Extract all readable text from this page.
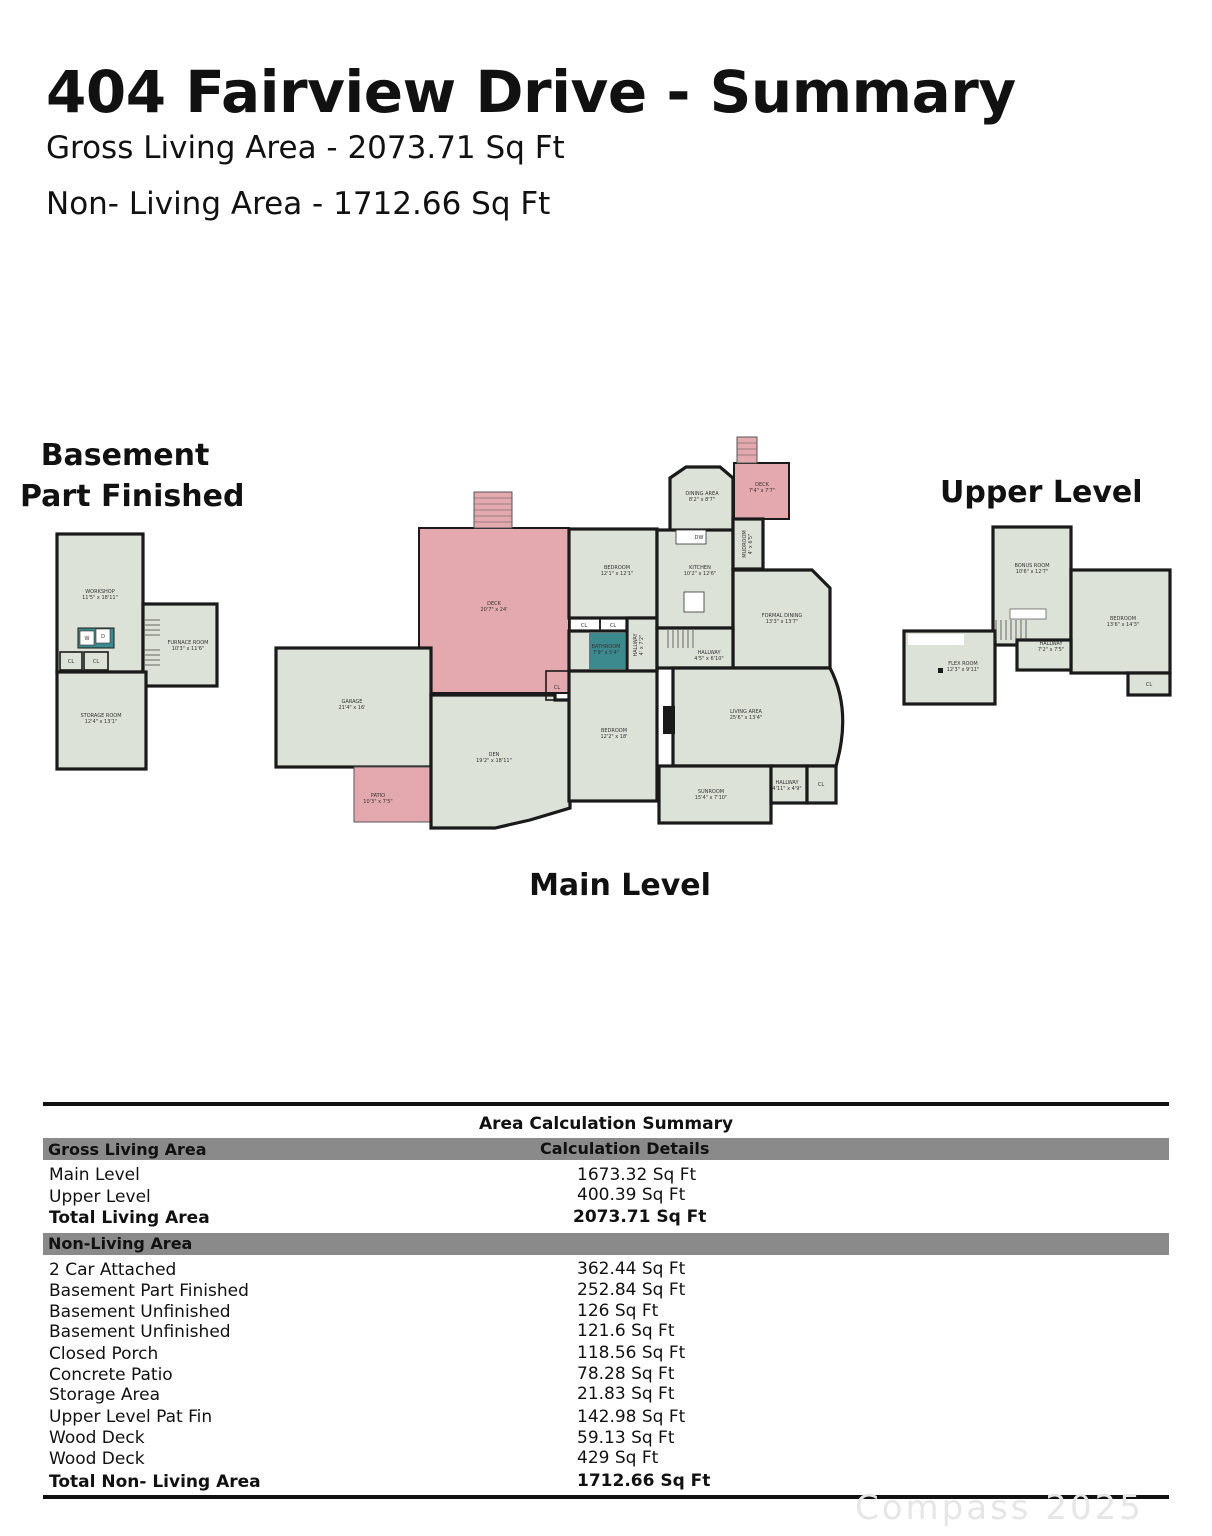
404 Fairview Drive - Summary
Gross Living Area - 2073.71 Sq Ft
Non- Living Area - 1712.66 Sq Ft
Basement
Part Finished	Upper Level
Main Level
WORKSHOP
11'5" x 18'11"
FURNACE ROOM
10'3" x 11'6"
STORAGE ROOM
12'4" x 13'1"
CL	CL
W D
DECK
20'7" x 24'
GARAGE
21'4" x 16'
PATIO
10'3" x 7'5"
DEN
19'2" x 18'11"
BEDROOM
12'1" x 12'1"
CL	CL
BATHROOM
7'9" x 5'4"	HALLWAY 4' x 7'2"
CL
BEDROOM
12'2" x 18'
DINING AREA
8'2" x 8'7"
DW
KITCHEN
10'2" x 12'6"
DECK
7'4" x 7'7"
MUDROOM 4' x 6'5"
FORMAL DINING
13'3" x 13'7"
HALLWAY
4'5" x 6'10"
LIVING AREA
25'6" x 13'4"
SUNROOM
15'4" x 7'10"
HALLWAY
4'11" x 4'9"
CL
BONUS ROOM
10'6" x 12'7"
BEDROOM
13'6" x 14'3"
HALLWAY
7'2" x 7'5"
FLEX ROOM
12'3" x 9'11"
CL
Area Calculation Summary
Gross Living Area	Calculation Details
Main Level	1673.32 Sq Ft
Upper Level	400.39 Sq Ft
Total Living Area	2073.71 Sq Ft
Non-Living Area
2 Car Attached	362.44 Sq Ft
Basement Part Finished	252.84 Sq Ft
Basement Unfinished	126 Sq Ft
Basement Unfinished	121.6 Sq Ft
Closed Porch	118.56 Sq Ft
Concrete Patio	78.28 Sq Ft
Storage Area	21.83 Sq Ft
Upper Level Pat Fin	142.98 Sq Ft
Wood Deck	59.13 Sq Ft
Wood Deck	429 Sq Ft
Total Non- Living Area	1712.66 Sq Ft
Compass 2025
